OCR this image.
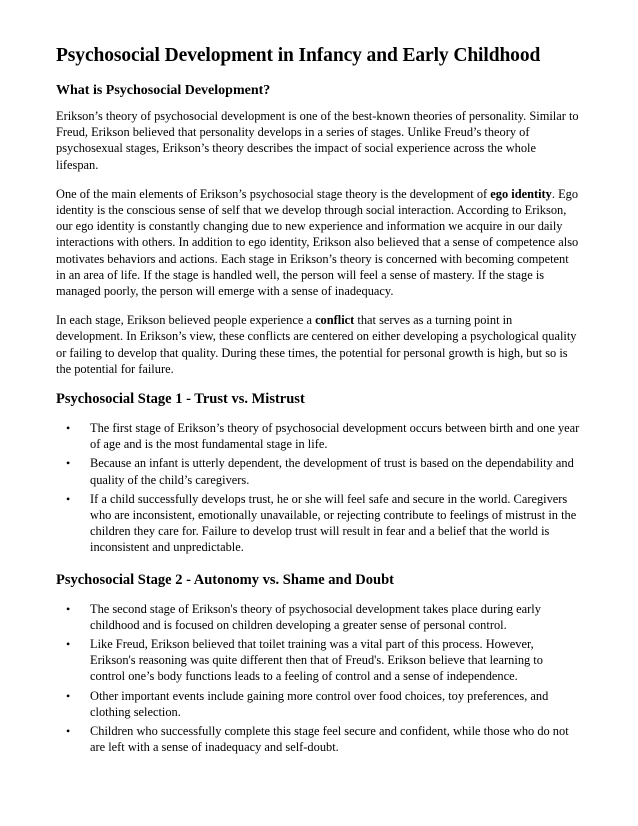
Psychosocial Development in Infancy and Early Childhood
What is Psychosocial Development?

Erikson’s theory of psychosocial development is one of the best-known theories of personality. Similar to Freud, Erikson believed that personality develops in a series of stages. Unlike Freud’s theory of psychosexual stages, Erikson’s theory describes the impact of social experience across the whole lifespan.

One of the main elements of Erikson’s psychosocial stage theory is the development of ego identity. Ego identity is the conscious sense of self that we develop through social interaction. According to Erikson, our ego identity is constantly changing due to new experience and information we acquire in our daily interactions with others. In addition to ego identity, Erikson also believed that a sense of competence also motivates behaviors and actions. Each stage in Erikson’s theory is concerned with becoming competent in an area of life. If the stage is handled well, the person will feel a sense of mastery. If the stage is managed poorly, the person will emerge with a sense of inadequacy.

In each stage, Erikson believed people experience a conflict that serves as a turning point in development. In Erikson’s view, these conflicts are centered on either developing a psychological quality or failing to develop that quality. During these times, the potential for personal growth is high, but so is the potential for failure.

Psychosocial Stage 1 - Trust vs. Mistrust
• The first stage of Erikson’s theory of psychosocial development occurs between birth and one year of age and is the most fundamental stage in life.
• Because an infant is utterly dependent, the development of trust is based on the dependability and quality of the child’s caregivers.
• If a child successfully develops trust, he or she will feel safe and secure in the world. Caregivers who are inconsistent, emotionally unavailable, or rejecting contribute to feelings of mistrust in the children they care for. Failure to develop trust will result in fear and a belief that the world is inconsistent and unpredictable.
Psychosocial Stage 2 - Autonomy vs. Shame and Doubt
• The second stage of Erikson's theory of psychosocial development takes place during early childhood and is focused on children developing a greater sense of personal control.
• Like Freud, Erikson believed that toilet training was a vital part of this process. However, Erikson's reasoning was quite different then that of Freud's. Erikson believe that learning to control one’s body functions leads to a feeling of control and a sense of independence.
• Other important events include gaining more control over food choices, toy preferences, and clothing selection.
• Children who successfully complete this stage feel secure and confident, while those who do not are left with a sense of inadequacy and self-doubt.
